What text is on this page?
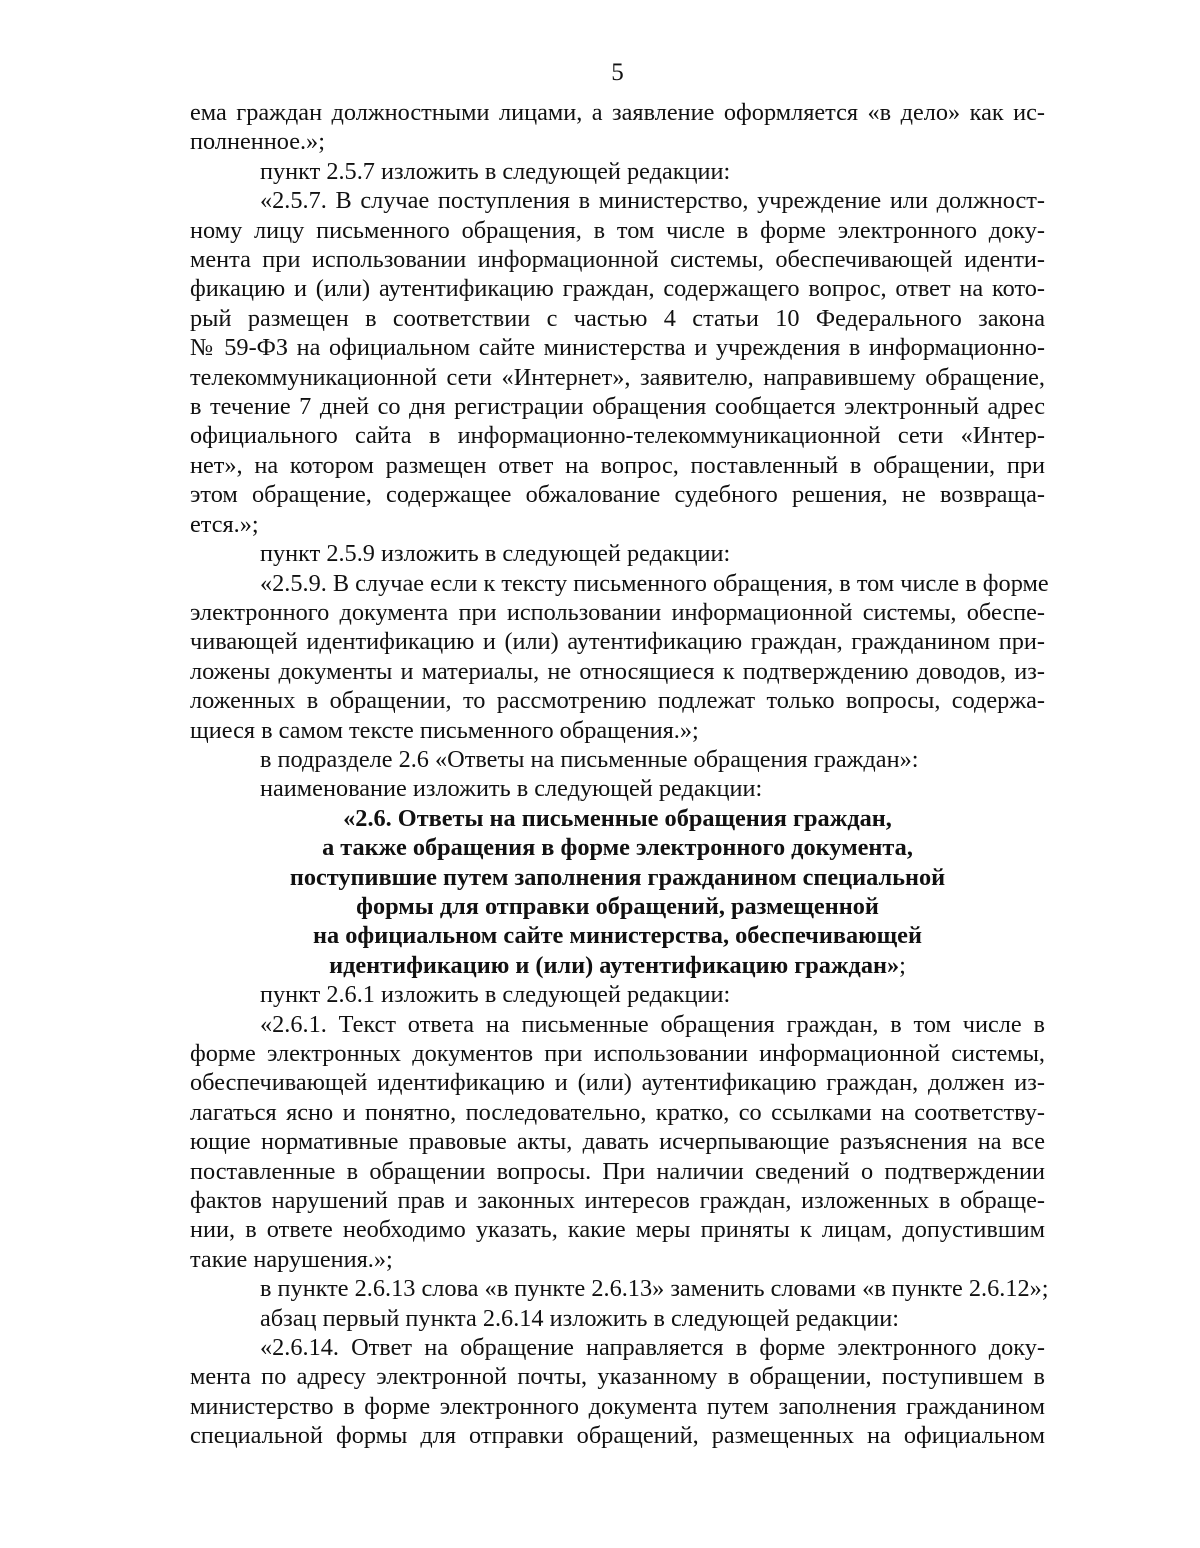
5
ема граждан должностными лицами, а заявление оформляется «в дело» как ис-
полненное.»;
пункт 2.5.7 изложить в следующей редакции:
«2.5.7. В случае поступления в министерство, учреждение или должност-
ному лицу письменного обращения, в том числе в форме электронного доку-
мента при использовании информационной системы, обеспечивающей иденти-
фикацию и (или) аутентификацию граждан, содержащего вопрос, ответ на кото-
рый размещен в соответствии с частью 4 статьи 10 Федерального закона
№ 59-ФЗ на официальном сайте министерства и учреждения в информационно-
телекоммуникационной сети «Интернет», заявителю, направившему обращение,
в течение 7 дней со дня регистрации обращения сообщается электронный адрес
официального сайта в информационно-телекоммуникационной сети «Интер-
нет», на котором размещен ответ на вопрос, поставленный в обращении, при
этом обращение, содержащее обжалование судебного решения, не возвраща-
ется.»;
пункт 2.5.9 изложить в следующей редакции:
«2.5.9. В случае если к тексту письменного обращения, в том числе в форме
электронного документа при использовании информационной системы, обеспе-
чивающей идентификацию и (или) аутентификацию граждан, гражданином при-
ложены документы и материалы, не относящиеся к подтверждению доводов, из-
ложенных в обращении, то рассмотрению подлежат только вопросы, содержа-
щиеся в самом тексте письменного обращения.»;
в подразделе 2.6 «Ответы на письменные обращения граждан»:
наименование изложить в следующей редакции:
«2.6. Ответы на письменные обращения граждан,
а также обращения в форме электронного документа,
поступившие путем заполнения гражданином специальной
формы для отправки обращений, размещенной
на официальном сайте министерства, обеспечивающей
идентификацию и (или) аутентификацию граждан»;
пункт 2.6.1 изложить в следующей редакции:
«2.6.1. Текст ответа на письменные обращения граждан, в том числе в
форме электронных документов при использовании информационной системы,
обеспечивающей идентификацию и (или) аутентификацию граждан, должен из-
лагаться ясно и понятно, последовательно, кратко, со ссылками на соответству-
ющие нормативные правовые акты, давать исчерпывающие разъяснения на все
поставленные в обращении вопросы. При наличии сведений о подтверждении
фактов нарушений прав и законных интересов граждан, изложенных в обраще-
нии, в ответе необходимо указать, какие меры приняты к лицам, допустившим
такие нарушения.»;
в пункте 2.6.13 слова «в пункте 2.6.13» заменить словами «в пункте 2.6.12»;
абзац первый пункта 2.6.14 изложить в следующей редакции:
«2.6.14. Ответ на обращение направляется в форме электронного доку-
мента по адресу электронной почты, указанному в обращении, поступившем в
министерство в форме электронного документа путем заполнения гражданином
специальной формы для отправки обращений, размещенных на официальном
